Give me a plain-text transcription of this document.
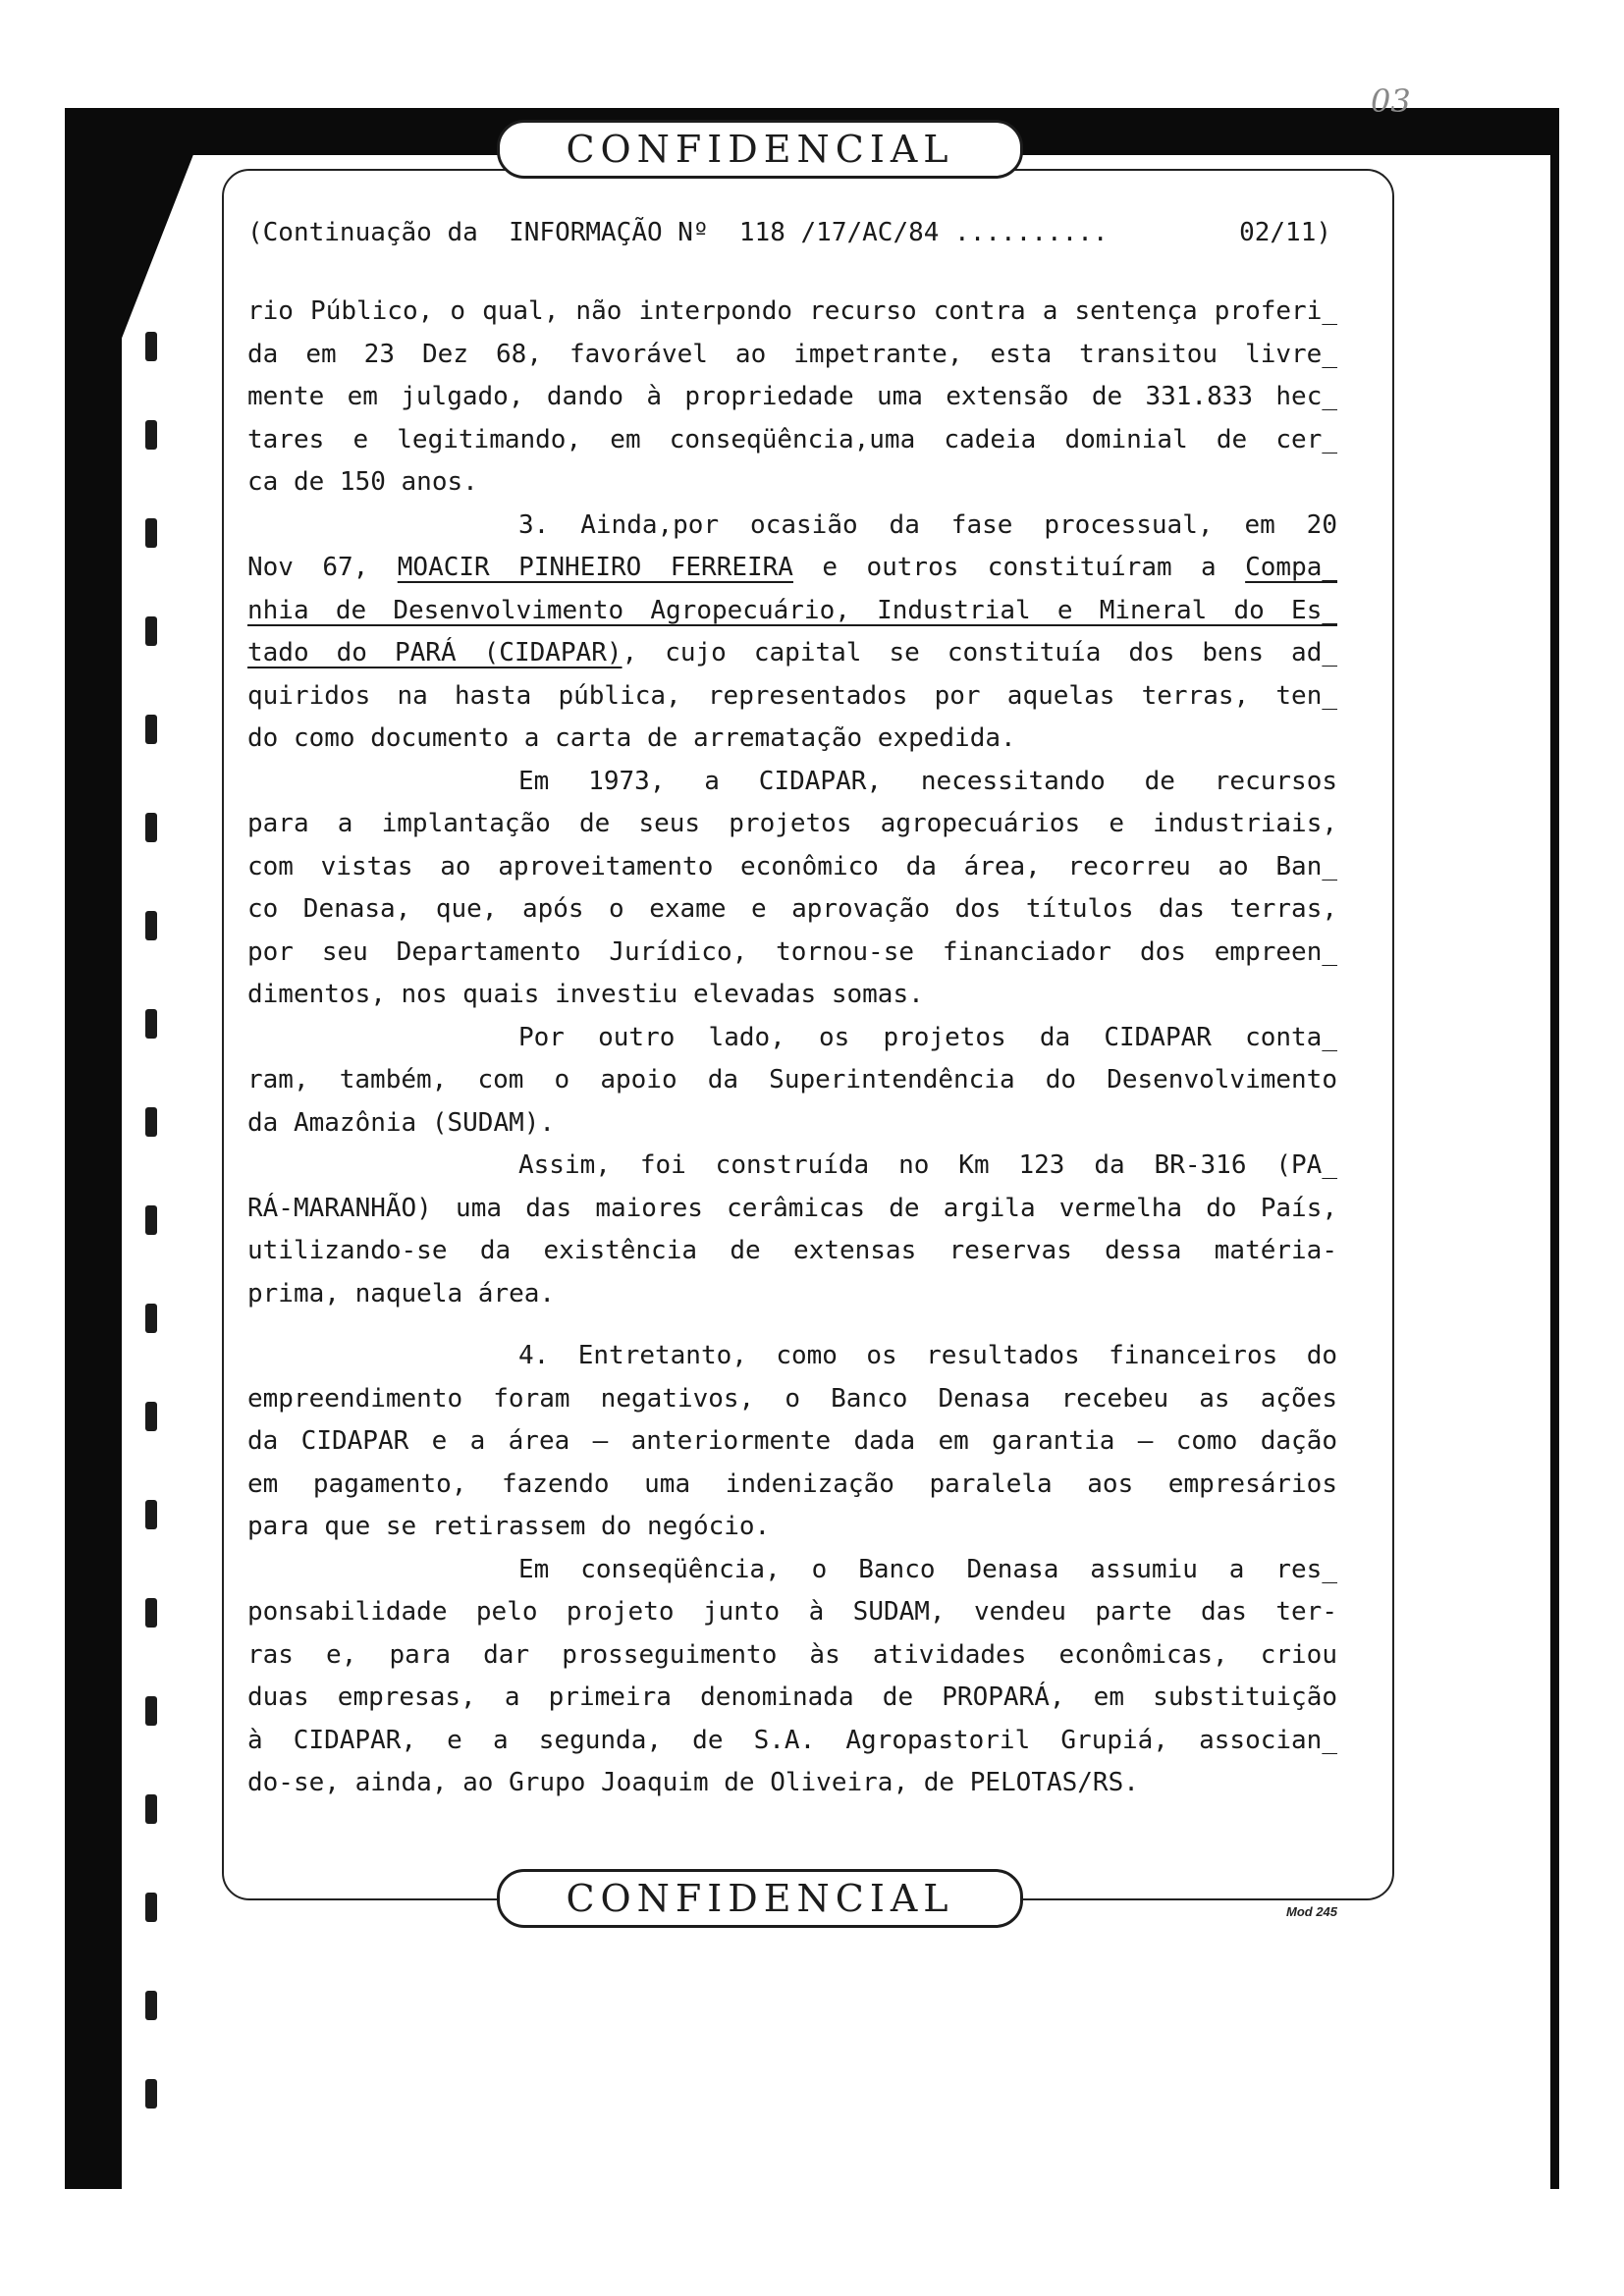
03
CONFIDENCIAL
CONFIDENCIAL	Mod 245
(Continuação da  INFORMAÇÃO Nº  118 /17/AC/84 ..........	02/11)
rio Público, o qual, não interpondo recurso contra a sentença proferi_
da em 23 Dez 68, favorável ao impetrante, esta transitou livre_
mente em julgado, dando à propriedade uma extensão de 331.833 hec_
tares e legitimando, em conseqüência,uma cadeia dominial de cer_
ca de 150 anos.
3. Ainda,por ocasião da fase processual, em 20
Nov 67, MOACIR PINHEIRO FERREIRA e outros constituíram a Compa_
nhia de Desenvolvimento Agropecuário, Industrial e Mineral do Es_
tado do PARÁ (CIDAPAR), cujo capital se constituía dos bens ad_
quiridos na hasta pública, representados por aquelas terras, ten_
do como documento a carta de arrematação expedida.
Em 1973, a CIDAPAR, necessitando de recursos
para a implantação de seus projetos agropecuários e industriais,
com vistas ao aproveitamento econômico da área, recorreu ao Ban_
co Denasa, que, após o exame e aprovação dos títulos das terras,
por seu Departamento Jurídico, tornou-se financiador dos empreen_
dimentos, nos quais investiu elevadas somas.
Por outro lado, os projetos da CIDAPAR conta_
ram, também, com o apoio da Superintendência do Desenvolvimento
da Amazônia (SUDAM).
Assim, foi construída no Km 123 da BR-316 (PA_
RÁ-MARANHÃO) uma das maiores cerâmicas de argila vermelha do País,
utilizando-se da existência de extensas reservas dessa matéria-
prima, naquela área.
4. Entretanto, como os resultados financeiros do
empreendimento foram negativos, o Banco Denasa recebeu as ações
da CIDAPAR e a área — anteriormente dada em garantia — como dação
em pagamento, fazendo uma indenização paralela aos empresários
para que se retirassem do negócio.
Em conseqüência, o Banco Denasa assumiu a res_
ponsabilidade pelo projeto junto à SUDAM, vendeu parte das ter-
ras e, para dar prosseguimento às atividades econômicas, criou
duas empresas, a primeira denominada de PROPARÁ, em substituição
à CIDAPAR, e a segunda, de S.A. Agropastoril Grupiá, associan_
do-se, ainda, ao Grupo Joaquim de Oliveira, de PELOTAS/RS.
